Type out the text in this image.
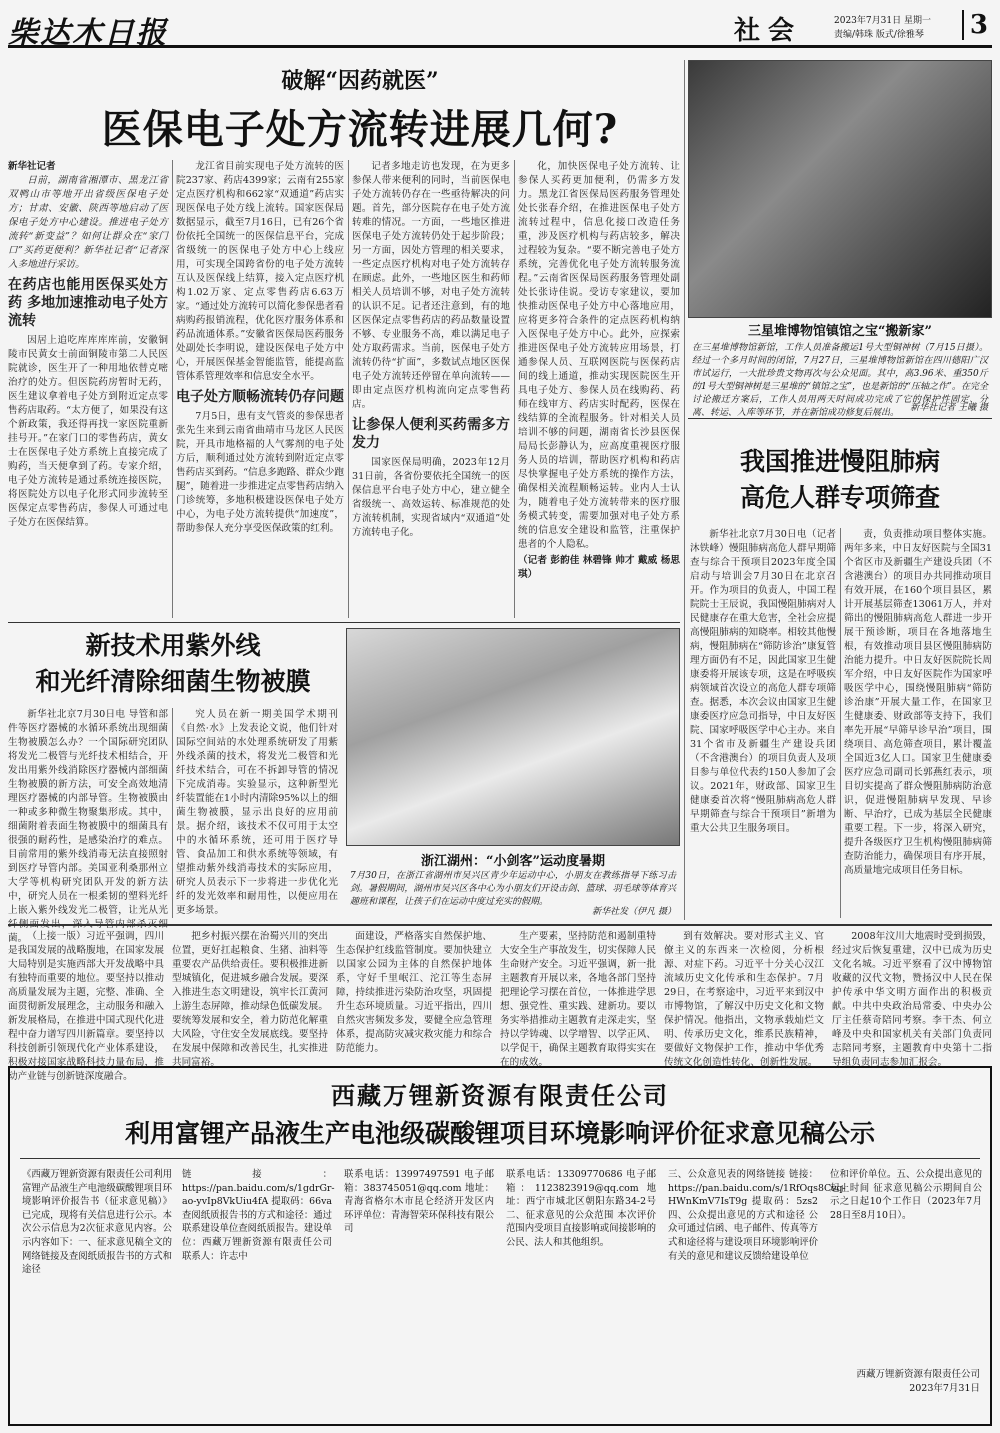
柴达木日报	社会	2023年7月31日 星期一
责编/韩珠 版式/徐雅琴	3
破解“因药就医”
医保电子处方流转进展几何?
三星堆博物馆镇馆之宝“搬新家”
在三星堆博物馆新馆，工作人员准备搬运1号大型铜神树（7月15日摄）。经过一个多月时间的闭馆，7月27日，三星堆博物馆新馆在四川德阳广汉市试运行，一大批珍贵文物再次与公众见面。其中，高3.96米、重350斤的1号大型铜神树是三星堆的“镇馆之宝”，也是新馆的“压轴之作”。在完全讨论搬迁方案后，工作人员用两天时间成功完成了它的保护性固定、分离、转运、入库等环节，并在新馆成功修复后展出。	新华社记者 王曦 摄
新华社记者

日前，湖南省湘潭市、黑龙江省双鸭山市等地开出省级医保电子处方；甘肃、安徽、陕西等地启动了医保电子处方中心建设。推进电子处方流转“新变益”？如何让群众在“家门口”买药更便利？新华社记者“记者深入多地进行采访。

在药店也能用医保买处方药 多地加速推动电子处方流转

因居上追吃库库库库前，安徽铜陵市民黄女士前面铜陵市第二人民医院就诊，医生开了一种用地依替克嘧治疗的处方。但医院药房暂时无药，医生建议拿着电子处方到附近定点零售药店取药。“太方便了，如果没有这个新政策，我还得再找一家医院重新挂号开。”在家门口的零售药店，黄女士在医保电子处方系统上直接完成了购药，当天便拿到了药。专家介绍，电子处方流转是通过系统连接医院，将医院处方以电子化形式同步流转至医保定点零售药店，参保人可通过电子处方在医保结算。

龙江省目前实现电子处方流转的医院237家、药店4399家；云南有255家定点医疗机构和662家“双通道”药店实现医保电子处方线上流转。国家医保局数据显示，截至7月16日，已有26个省份依托全国统一的医保信息平台，完成省级统一的医保电子处方中心上线应用，可实现全国跨省份的电子处方流转互认及医保线上结算，接入定点医疗机构1.02万家、定点零售药店6.63万家。“通过处方流转可以简化参保患者看病购药报销流程，优化医疗服务体系和药品流通体系。”安徽省医保局医药服务处副处长李明说，建设医保电子处方中心，开展医保基金智能监管，能提高监管体系管理效率和信息安全水平。

电子处方顺畅流转仍存问题

7月5日，患有支气管炎的参保患者张先生来到云南省曲靖市马龙区人民医院，开具市地格福的人气雾剂的电子处方后，顺利通过处方流转到附近定点零售药店买到药。“信息多跑路、群众少跑腿”，随着进一步推进定点零售药店纳入门诊统筹，多地积极建设医保电子处方中心，为电子处方流转提供“加速度”，帮助参保人充分享受医保政策的红利。

记者多地走访也发现，在为更多参保人带来便利的同时，当前医保电子处方流转仍存在一些亟待解决的问题。首先，部分医院存在电子处方流转难的情况。一方面，一些地区推进医保电子处方流转仍处于起步阶段；另一方面，因处方管理的相关要求，一些定点医疗机构对电子处方流转存在顾虑。此外，一些地区医生和药师相关人员培训不够，对电子处方流转的认识不足。记者还注意到，有的地区医保定点零售药店的药品数量设置不够、专业服务不高，难以满足电子处方取药需求。当前，医保电子处方流转仍待“扩面”，多数试点地区医保电子处方流转还停留在单向流转——即由定点医疗机构流向定点零售药店。

让参保人便利买药需多方发力

国家医保局明确，2023年12月31日前，各省份要依托全国统一的医保信息平台电子处方中心，建立健全省级统一、高效运转、标准规范的处方流转机制，实现省域内“双通道”处方流转电子化。

化，加快医保电子处方流转、让参保人买药更加便利，仍需多方发力。黑龙江省医保局医药服务管理处处长张春介绍，在推进医保电子处方流转过程中，信息化接口改造任务重，涉及医疗机构与药店较多，解决过程较为复杂。“要不断完善电子处方系统，完善优化电子处方流转服务流程。”云南省医保局医药服务管理处副处长张诗佳说。受访专家建议，要加快推动医保电子处方中心落地应用，应将更多符合条件的定点医药机构纳入医保电子处方中心。此外，应探索推进医保电子处方流转应用场景，打通参保人员、互联网医院与医保药店间的线上通道，推动实现医院医生开具电子处方、参保人员在线购药、药师在线审方、药店实时配药，医保在线结算的全流程服务。针对相关人员培训不够的问题，湖南省长沙县医保局局长彭静认为，应高度重视医疗服务人员的培训，帮助医疗机构和药店尽快掌握电子处方系统的操作方法，确保相关流程顺畅运转。业内人士认为，随着电子处方流转带来的医疗服务模式转变，需要加强对电子处方系统的信息安全建设和监管，注重保护患者的个人隐私。

（记者 彭韵佳 林碧锋 帅才 戴威 杨思琪）

我国推进慢阻肺病
高危人群专项筛查

新华社北京7月30日电（记者 沐铁峰）慢阻肺病高危人群早期筛查与综合干预项目2023年度全国启动与培训会7月30日在北京召开。作为项目的负责人，中国工程院院士王辰说，我国慢阻肺病对人民健康存在重大危害，全社会应提高慢阻肺病的知晓率。相较其他慢病，慢阻肺病在“筛防诊治”康复管理方面仍有不足，因此国家卫生健康委将开展该专项，这是在呼吸疾病领域首次设立的高危人群专项筛查。据悉，本次会议由国家卫生健康委医疗应急司指导，中日友好医院、国家呼吸医学中心主办。来自31个省市及新疆生产建设兵团（不含港澳台）的项目负责人及项目参与单位代表约150人参加了会议。2021年，财政部、国家卫生健康委首次将“慢阻肺病高危人群早期筛查与综合干预项目”新增为重大公共卫生服务项目。

责，负责推动项目整体实施。两年多来，中日友好医院与全国31个省区市及新疆生产建设兵团（不含港澳台）的项目办共同推动项目有效开展，在160个项目县区，累计开展基层筛查13061万人，并对筛出的慢阻肺病高危人群进一步开展干预诊断，项目在各地落地生根，有效推动项目县区慢阻肺病防治能力提升。中日友好医院院长周军介绍，中日友好医院作为国家呼吸医学中心，围绕慢阻肺病“筛防诊治康”开展大量工作，在国家卫生健康委、财政部等支持下，我们率先开展“早筛早诊早治”项目，围绕项目、高危筛查项目，累计覆盖全国近3亿人口。国家卫生健康委医疗应急司副司长郭燕红表示，项目切实提高了群众慢阻肺病防治意识，促进慢阻肺病早发现、早诊断、早治疗，已成为基层全民健康重要工程。下一步，将深入研究，提升各级医疗卫生机构慢阻肺病筛查防治能力，确保项目有序开展，高质量地完成项目任务目标。

新技术用紫外线
和光纤清除细菌生物被膜

新华社北京7月30日电 导管和部件等医疗器械的水循环系统出现细菌生物被膜怎么办？一个国际研究团队将发光二极管与光纤技术相结合，开发出用紫外线消除医疗器械内部细菌生物被膜的新方法，可安全高效地清理医疗器械的内部导管。生物被膜由一种或多种微生物聚集形成。其中，细菌附着表面生物被膜中的细菌具有很强的耐药性，是感染治疗的难点。目前常用的紫外线消毒无法直接照射到医疗导管内部。美国亚利桑那州立大学等机构研究团队开发的新方法中，研究人员在一根柔韧的塑料光纤上嵌入紫外线发光二极管，让光从光 菌。

究人员在新一期美国学术期刊《自然·水》上发表论文说，他们针对国际空间站的水处理系统研发了用紫外线杀菌的技术，将发光二极管和光纤技术结合，可在不拆卸导管的情况下完成消毒。实验显示，这种新型光纤装置能在1小时内清除95%以上的细菌生物被膜，显示出良好的应用前景。据介绍，该技术不仅可用于太空中的水循环系统，还可用于医疗导管、食品加工和供水系统等领域，有望推动紫外线消毒技术的实际应用，研究人员表示下一步将进一步优化光纤的发光效率和耐用性，以便应用在更多场景。

浙江湖州：“小剑客”运动度暑期
7月30日，在浙江省湖州市吴兴区青少年运动中心，小朋友在教练指导下练习击剑。暑假期间，湖州市吴兴区各中心为小朋友们开设击剑、篮球、羽毛球等体育兴趣班和课程，让孩子们在运动中度过充实的假期。
新华社发（伊凡 摄）

（上接一版）习近平强调，四川是我国发展的战略腹地，在国家发展大局特别是实施西部大开发战略中具有独特而重要的地位。要坚持以推动高质量发展为主题，完整、准确、全面贯彻新发展理念，主动服务和融入新发展格局，在推进中国式现代化进程中奋力谱写四川新篇章。要坚持以科技创新引领现代化产业体系建设，积极对接国家战略科技力量布局，推动产业链与创新链深度融合。

把乡村振兴摆在治蜀兴川的突出位置，更好扛起粮食、生猪、油料等重要农产品供给责任。要积极推进新型城镇化，促进城乡融合发展。要深入推进生态文明建设，筑牢长江黄河上游生态屏障，推动绿色低碳发展。要统筹发展和安全，着力防范化解重大风险，守住安全发展底线。要坚持在发展中保障和改善民生，扎实推进共同富裕。

面建设，严格落实自然保护地、生态保护红线监管制度。要加快建立以国家公园为主体的自然保护地体系，守好千里岷江、沱江等生态屏障，持续推进污染防治攻坚，巩固提升生态环境质量。习近平指出，四川自然灾害频发多发，要健全应急管理体系，提高防灾减灾救灾能力和综合防范能力。

生产要素，坚持防范和遏制重特大安全生产事故发生，切实保障人民生命财产安全。习近平强调，新一批主题教育开展以来，各地各部门坚持把理论学习摆在首位，一体推进学思想、强党性、重实践、建新功。要以务实举措推动主题教育走深走实，坚持以学铸魂、以学增智、以学正风、以学促干，确保主题教育取得实实在在的成效。

到有效解决。要对形式主义、官僚主义的东西来一次检阅，分析根源、对症下药。习近平十分关心汉江流域历史文化传承和生态保护。7月29日，在考察途中，习近平来到汉中市博物馆，了解汉中历史文化和文物保护情况。他指出，文物承载灿烂文明、传承历史文化，维系民族精神，要做好文物保护工作，推动中华优秀传统文化创造性转化、创新性发展。

2008年汶川大地震时受到损毁，经过灾后恢复重建，汉中已成为历史文化名城。习近平察看了汉中博物馆收藏的汉代文物，赞扬汉中人民在保护传承中华文明方面作出的积极贡献。中共中央政治局常委、中央办公厅主任蔡奇陪同考察。李干杰、何立峰及中央和国家机关有关部门负责同志陪同考察，主题教育中央第十二指导组负责同志参加汇报会。

西藏万锂新资源有限责任公司
利用富锂产品液生产电池级碳酸锂项目环境影响评价征求意见稿公示
《西藏万锂新资源有限责任公司利用富锂产品液生产电池级碳酸锂项目环境影响评价报告书（征求意见稿）》已完成，现将有关信息进行公示。本次公示信息为2次征求意见内容。公示内容如下：一、征求意见稿全文的网络链接及查阅纸质报告书的方式和途径
链接：https://pan.baidu.com/s/1gdrGr-ao-yvIp8VkUiu4fA 提取码：66va 查阅纸质报告书的方式和途径：通过联系建设单位查阅纸质报告。建设单位：西藏万锂新资源有限责任公司 联系人：许志中
联系电话：13997497591 电子邮箱：383745051@qq.com 地址：青海省格尔木市昆仑经济开发区内 环评单位：青海智荣环保科技有限公司
联系电话：13309770686 电子邮箱：1123823919@qq.com 地址：西宁市城北区朝阳东路34-2号 二、征求意见的公众范围 本次评价范围内受项目直接影响或间接影响的公民、法人和其他组织。
三、公众意见表的网络链接 链接：https://pan.baidu.com/s/1RfOqs8Cvq-HWnKmV7IsT9g 提取码：5zs2 四、公众提出意见的方式和途径 公众可通过信函、电子邮件、传真等方式和途径将与建设项目环境影响评价有关的意见和建议反馈给建设单位
位和评价单位。五、公众提出意见的起止时间 征求意见稿公示期间自公示之日起10个工作日（2023年7月28日至8月10日）。
西藏万锂新资源有限责任公司
2023年7月31日
